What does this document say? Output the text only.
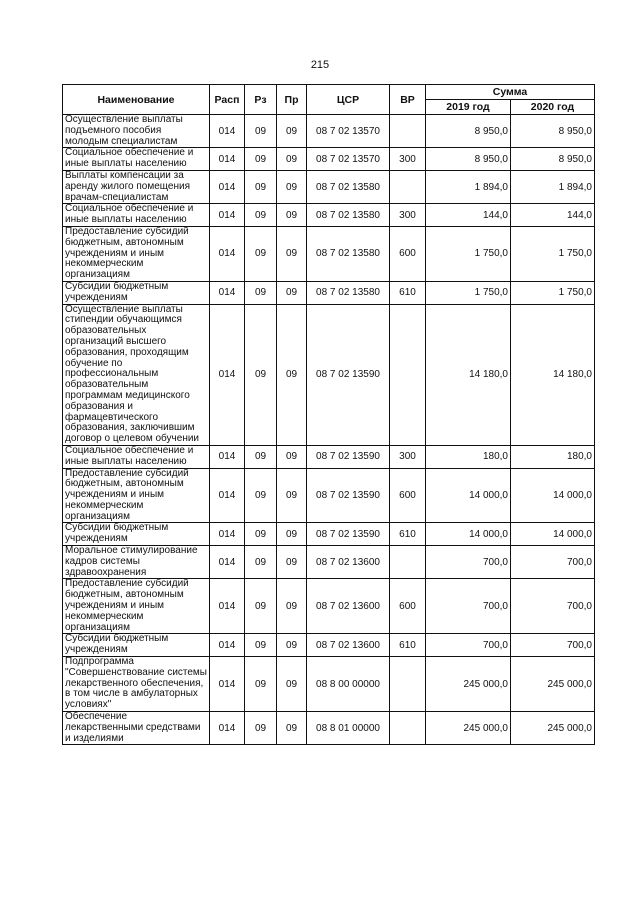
215
Наименование	Расп	Рз	Пр	ЦСР	ВР	Сумма	
						2019 год	2020 год
Осуществление выплаты подъемного пособия молодым специалистам	014	09	09	08 7 02 13570		8 950,0	8 950,0
Социальное обеспечение и иные выплаты населению	014	09	09	08 7 02 13570	300	8 950,0	8 950,0
Выплаты компенсации за аренду жилого помещения врачам-специалистам	014	09	09	08 7 02 13580		1 894,0	1 894,0
Социальное обеспечение и иные выплаты населению	014	09	09	08 7 02 13580	300	144,0	144,0
Предоставление субсидий бюджетным, автономным учреждениям и иным некоммерческим организациям	014	09	09	08 7 02 13580	600	1 750,0	1 750,0
Субсидии бюджетным учреждениям	014	09	09	08 7 02 13580	610	1 750,0	1 750,0
Осуществление выплаты стипендии обучающимся образовательных организаций высшего образования, проходящим обучение по профессиональным образовательным программам медицинского образования и фармацевтического образования, заключившим договор о целевом обучении	014	09	09	08 7 02 13590		14 180,0	14 180,0
Социальное обеспечение и иные выплаты населению	014	09	09	08 7 02 13590	300	180,0	180,0
Предоставление субсидий бюджетным, автономным учреждениям и иным некоммерческим организациям	014	09	09	08 7 02 13590	600	14 000,0	14 000,0
Субсидии бюджетным учреждениям	014	09	09	08 7 02 13590	610	14 000,0	14 000,0
Моральное стимулирование кадров системы здравоохранения	014	09	09	08 7 02 13600		700,0	700,0
Предоставление субсидий бюджетным, автономным учреждениям и иным некоммерческим организациям	014	09	09	08 7 02 13600	600	700,0	700,0
Субсидии бюджетным учреждениям	014	09	09	08 7 02 13600	610	700,0	700,0
Подпрограмма "Совершенствование системы лекарственного обеспечения, в том числе в амбулаторных условиях"	014	09	09	08 8 00 00000		245 000,0	245 000,0
Обеспечение лекарственными средствами и изделиями	014	09	09	08 8 01 00000		245 000,0	245 000,0
